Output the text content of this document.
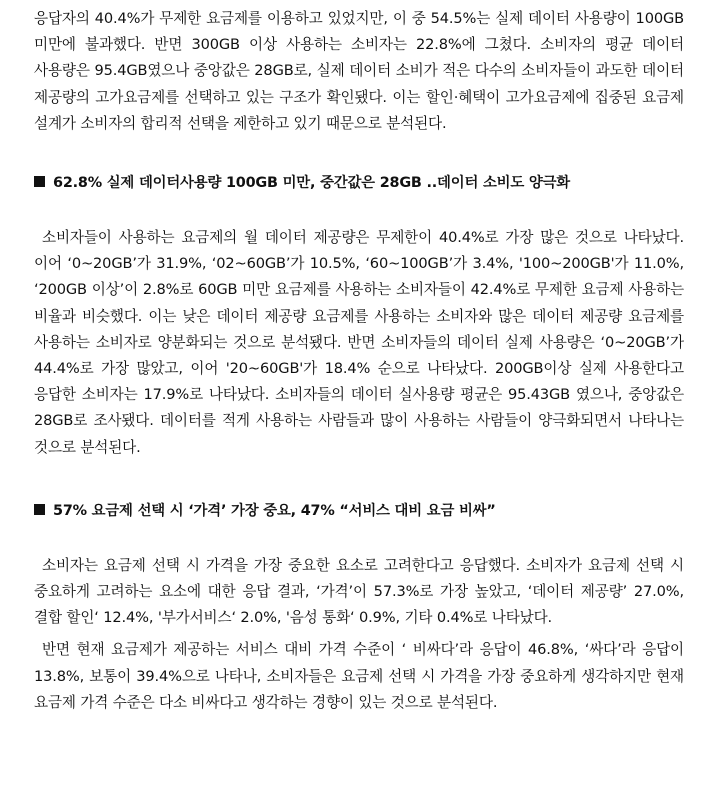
응답자의 40.4%가 무제한 요금제를 이용하고 있었지만, 이 중 54.5%는 실제 데이터 사용량이 100GB 미만에 불과했다. 반면 300GB 이상 사용하는 소비자는 22.8%에 그쳤다. 소비자의 평균 데이터 사용량은 95.4GB였으나 중앙값은 28GB로, 실제 데이터 소비가 적은 다수의 소비자들이 과도한 데이터 제공량의 고가요금제를 선택하고 있는 구조가 확인됐다. 이는 할인·혜택이 고가요금제에 집중된 요금제 설계가 소비자의 합리적 선택을 제한하고 있기 때문으로 분석된다.

62.8% 실제 데이터사용량 100GB 미만, 중간값은 28GB ..데이터 소비도 양극화

소비자들이 사용하는 요금제의 월 데이터 제공량은 무제한이 40.4%로 가장 많은 것으로 나타났다. 이어 ‘0~20GB’가 31.9%, ‘02~60GB’가 10.5%, ‘60~100GB’가 3.4%, '100~200GB'가 11.0%, ‘200GB 이상’이 2.8%로 60GB 미만 요금제를 사용하는 소비자들이 42.4%로 무제한 요금제 사용하는 비율과 비슷했다. 이는 낮은 데이터 제공량 요금제를 사용하는 소비자와 많은 데이터 제공량 요금제를 사용하는 소비자로 양분화되는 것으로 분석됐다. 반면 소비자들의 데이터 실제 사용량은 ‘0~20GB’가 44.4%로 가장 많았고, 이어 '20~60GB'가 18.4% 순으로 나타났다. 200GB이상 실제 사용한다고 응답한 소비자는 17.9%로 나타났다. 소비자들의 데이터 실사용량 평균은 95.43GB 였으나, 중앙값은 28GB로 조사됐다. 데이터를 적게 사용하는 사람들과 많이 사용하는 사람들이 양극화되면서 나타나는 것으로 분석된다.

57% 요금제 선택 시 ‘가격’ 가장 중요, 47% “서비스 대비 요금 비싸”

소비자는 요금제 선택 시 가격을 가장 중요한 요소로 고려한다고 응답했다. 소비자가 요금제 선택 시 중요하게 고려하는 요소에 대한 응답 결과, ‘가격’이 57.3%로 가장 높았고, ‘데이터 제공량’ 27.0%, 결합 할인‘ 12.4%, '부가서비스‘ 2.0%, '음성 통화‘ 0.9%, 기타 0.4%로 나타났다.

반면 현재 요금제가 제공하는 서비스 대비 가격 수준이 ‘ 비싸다’라 응답이 46.8%, ‘싸다’라 응답이 13.8%, 보통이 39.4%으로 나타나, 소비자들은 요금제 선택 시 가격을 가장 중요하게 생각하지만 현재 요금제 가격 수준은 다소 비싸다고 생각하는 경향이 있는 것으로 분석된다.
